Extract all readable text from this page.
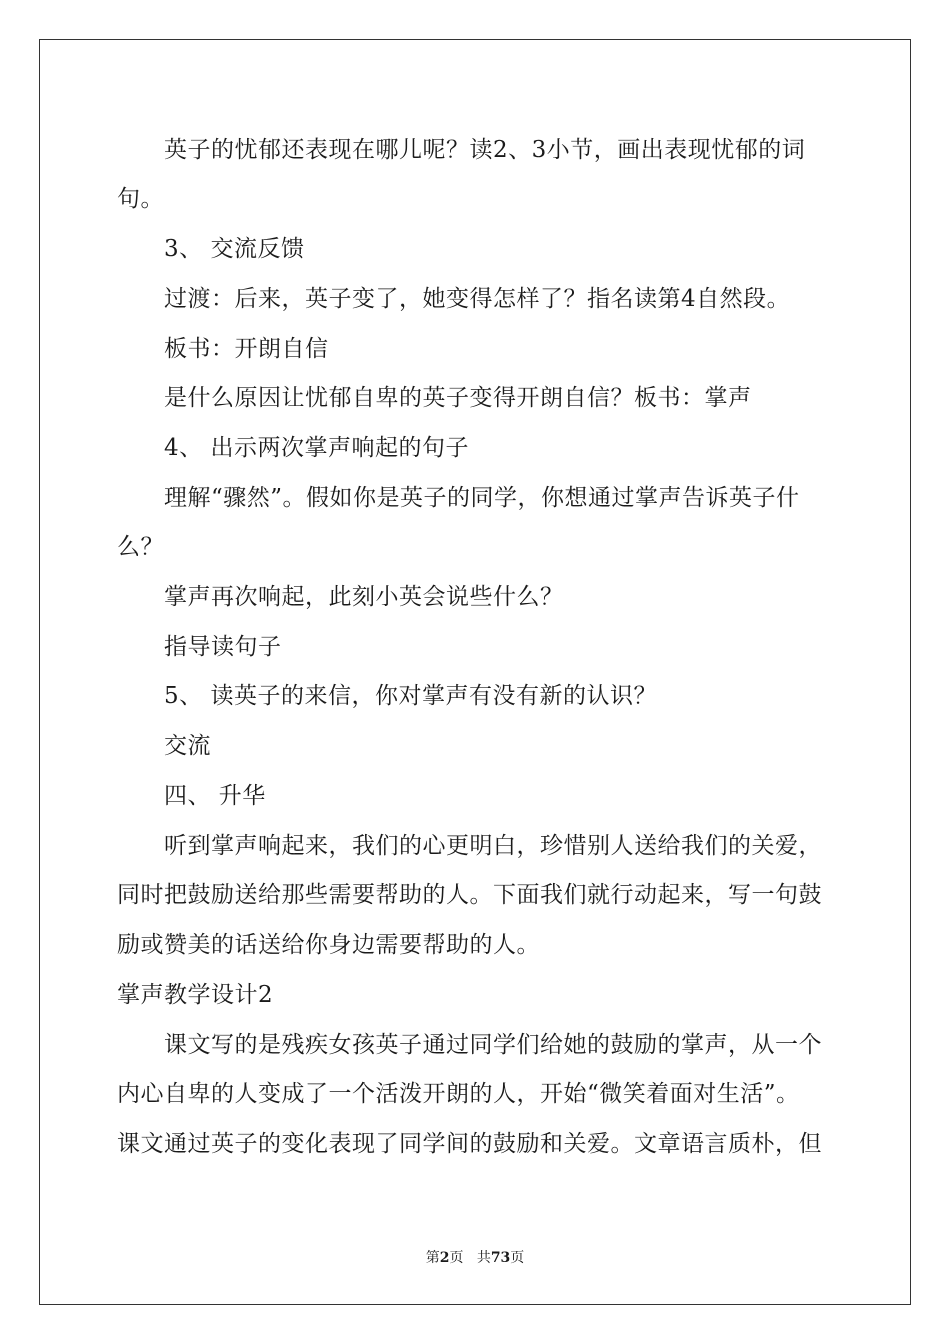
英子的忧郁还表现在哪儿呢？读2、3小节，画出表现忧郁的词

句。

3、 交流反馈

过渡：后来，英子变了，她变得怎样了？指名读第4自然段。

板书：开朗自信

是什么原因让忧郁自卑的英子变得开朗自信？板书：掌声

4、 出示两次掌声响起的句子

理解“骤然”。假如你是英子的同学，你想通过掌声告诉英子什

么？

掌声再次响起，此刻小英会说些什么？

指导读句子

5、 读英子的来信，你对掌声有没有新的认识？

交流

四、 升华

听到掌声响起来，我们的心更明白，珍惜别人送给我们的关爱，

同时把鼓励送给那些需要帮助的人。下面我们就行动起来，写一句鼓

励或赞美的话送给你身边需要帮助的人。

掌声教学设计2

课文写的是残疾女孩英子通过同学们给她的鼓励的掌声，从一个

内心自卑的人变成了一个活泼开朗的人，开始“微笑着面对生活”。

课文通过英子的变化表现了同学间的鼓励和关爱。文章语言质朴，但

第2页 共73页
